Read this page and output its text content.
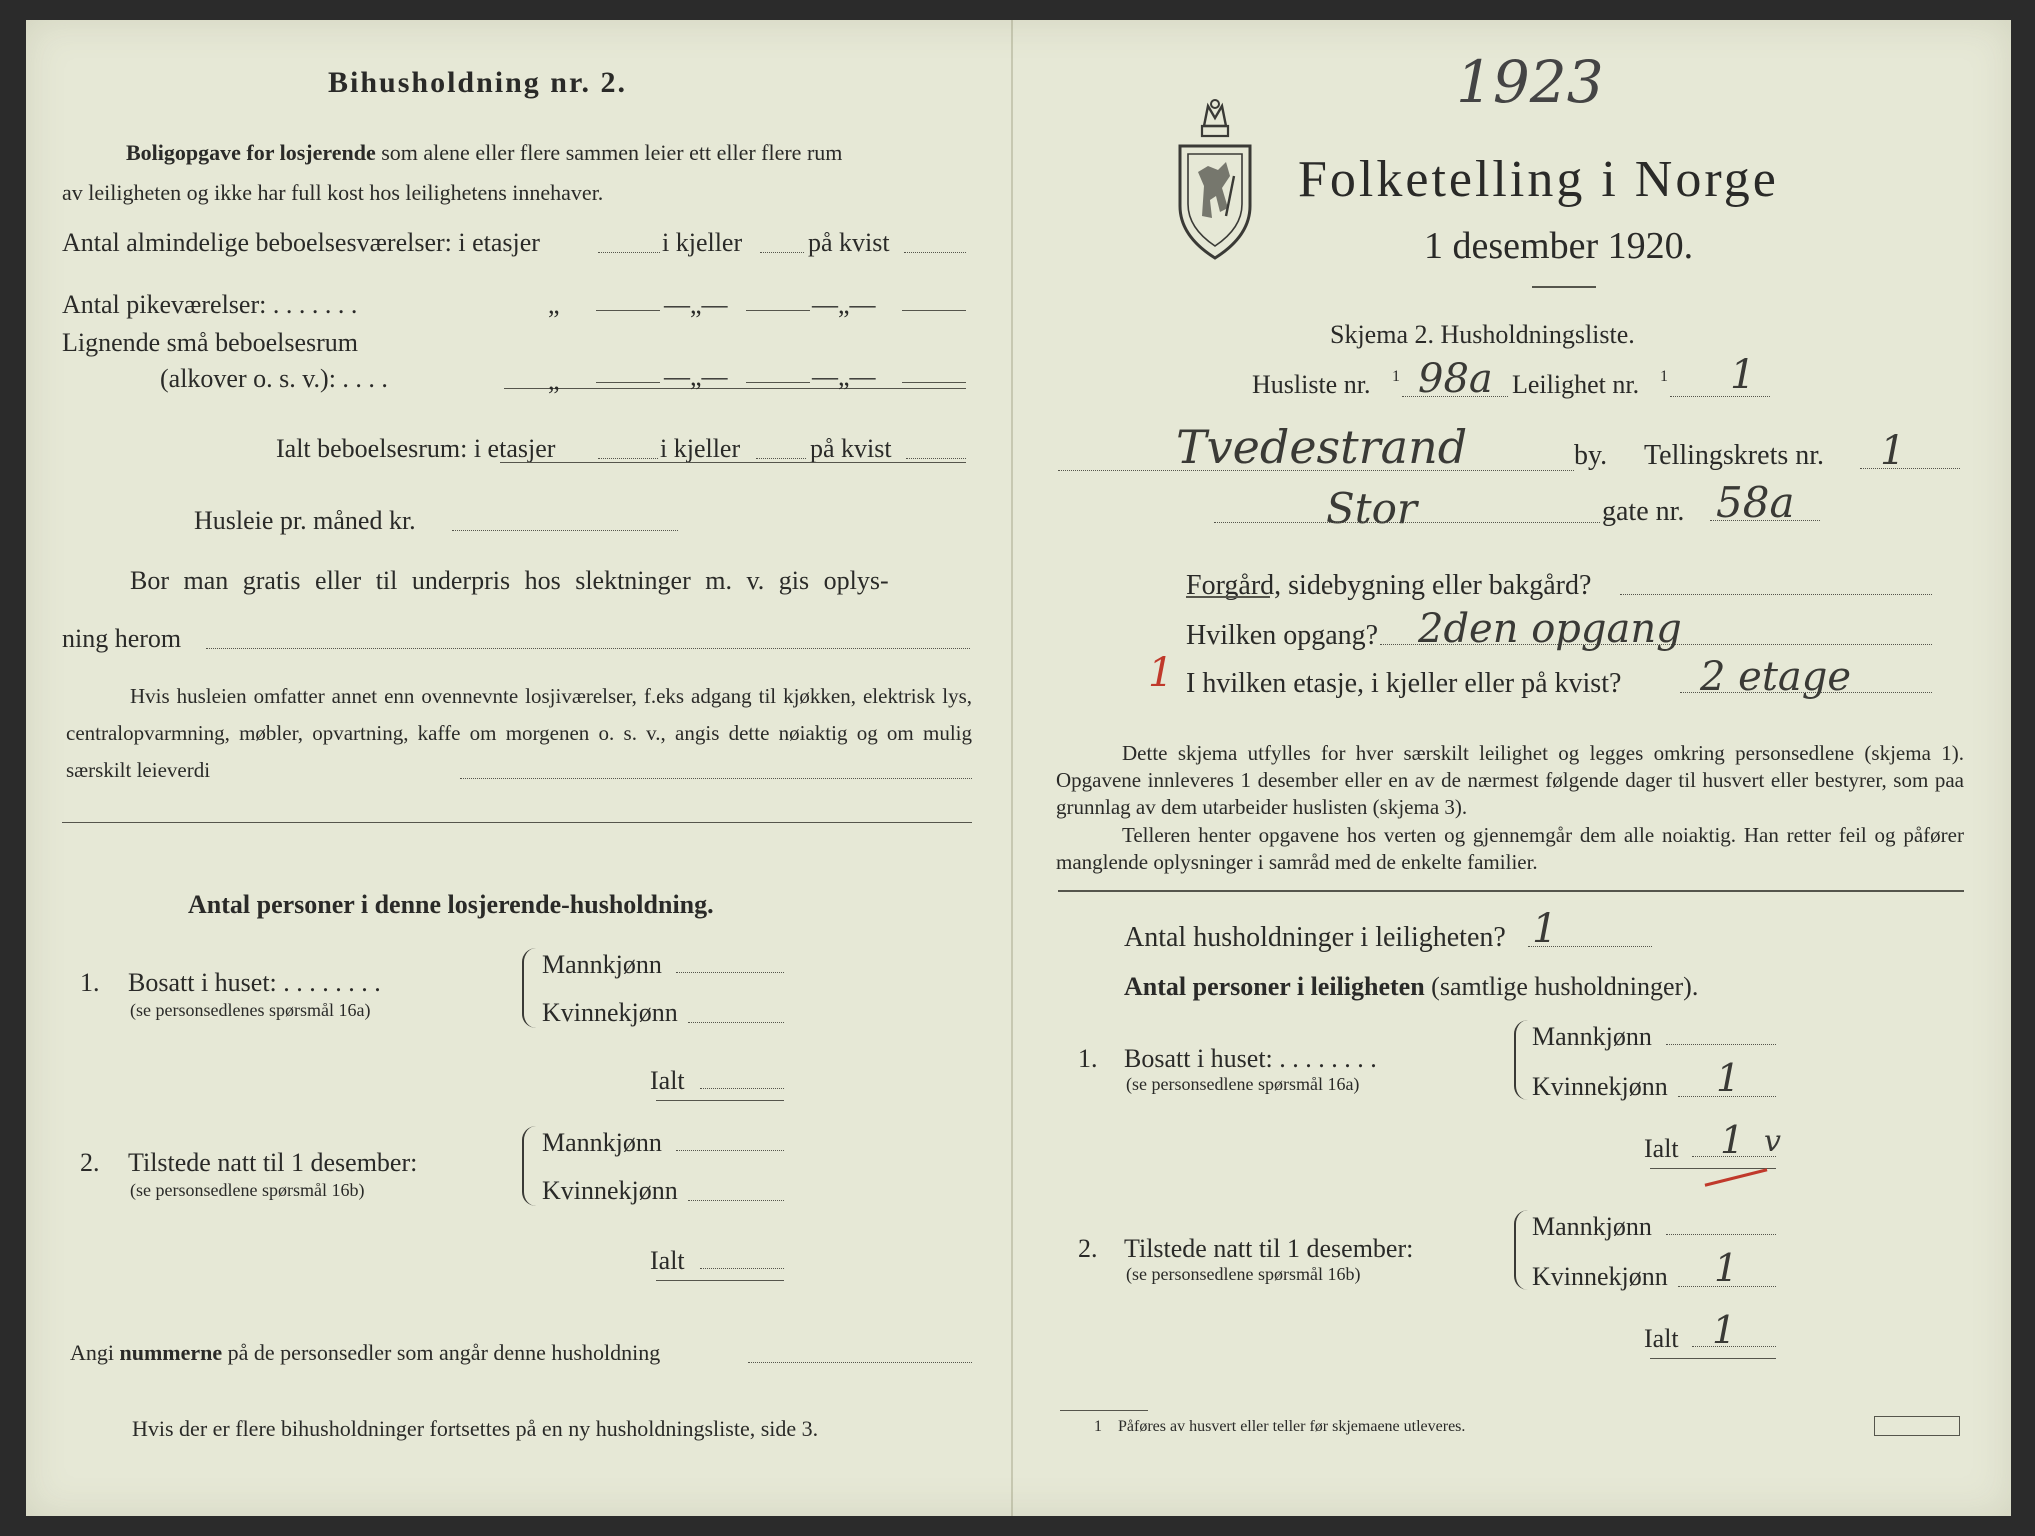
Bihusholdning nr. 2.
Boligopgave for losjerende som alene eller flere sammen leier ett eller flere rum
av leiligheten og ikke har full kost hos leilighetens innehaver.
Antal almindelige beboelsesværelser: i etasjer	i kjeller	på kvist
Antal pikeværelser: . . . . . . .	„	—„—	—„—
Lignende små beboelsesrum
(alkover o. s. v.): . . . .	„	—„—	—„—
Ialt beboelsesrum: i etasjer	i kjeller	på kvist
Husleie pr. måned kr.
Bor man gratis eller til underpris hos slektninger m. v. gis oplys-
ning herom
Hvis husleien omfatter annet enn ovennevnte losjiværelser, f.eks adgang til kjøkken, elektrisk lys, centralopvarmning, møbler, opvartning, kaffe om morgenen o. s. v., angis dette nøiaktig og om mulig særskilt leieverdi
Antal personer i denne losjerende-husholdning.
1. Bosatt i huset: . . . . . . . .
(se personsedlenes spørsmål 16a)
Mannkjønn
Kvinnekjønn
Ialt
2. Tilstede natt til 1 desember:
(se personsedlene spørsmål 16b)
Mannkjønn
Kvinnekjønn
Ialt
Angi nummerne på de personsedler som angår denne husholdning
Hvis der er flere bihusholdninger fortsettes på en ny husholdningsliste, side 3.
1923
Folketelling i Norge
1 desember 1920.
Skjema 2. Husholdningsliste.
Husliste nr. 1 98a Leilighet nr. 1 1
Tvedestrand	by. Tellingskrets nr. 1
Stor	gate nr. 58a
Forgård, sidebygning eller bakgård?
Hvilken opgang? 2den opgang
1 I hvilken etasje, i kjeller eller på kvist? 2 etage
Dette skjema utfylles for hver særskilt leilighet og legges omkring personsedlene (skjema 1). Opgavene innleveres 1 desember eller en av de nærmest følgende dager til husvert eller bestyrer, som paa grunnlag av dem utarbeider huslisten (skjema 3).
Telleren henter opgavene hos verten og gjennemgår dem alle noiaktig. Han retter feil og påfører manglende oplysninger i samråd med de enkelte familier.
Antal husholdninger i leiligheten? 1
Antal personer i leiligheten (samtlige husholdninger).
1. Bosatt i huset: . . . . . . . .
(se personsedlene spørsmål 16a)
Mannkjønn
Kvinnekjønn 1
Ialt 1 v
2. Tilstede natt til 1 desember:
(se personsedlene spørsmål 16b)
Mannkjønn
Kvinnekjønn 1
Ialt 1
1 Påføres av husvert eller teller før skjemaene utleveres.
